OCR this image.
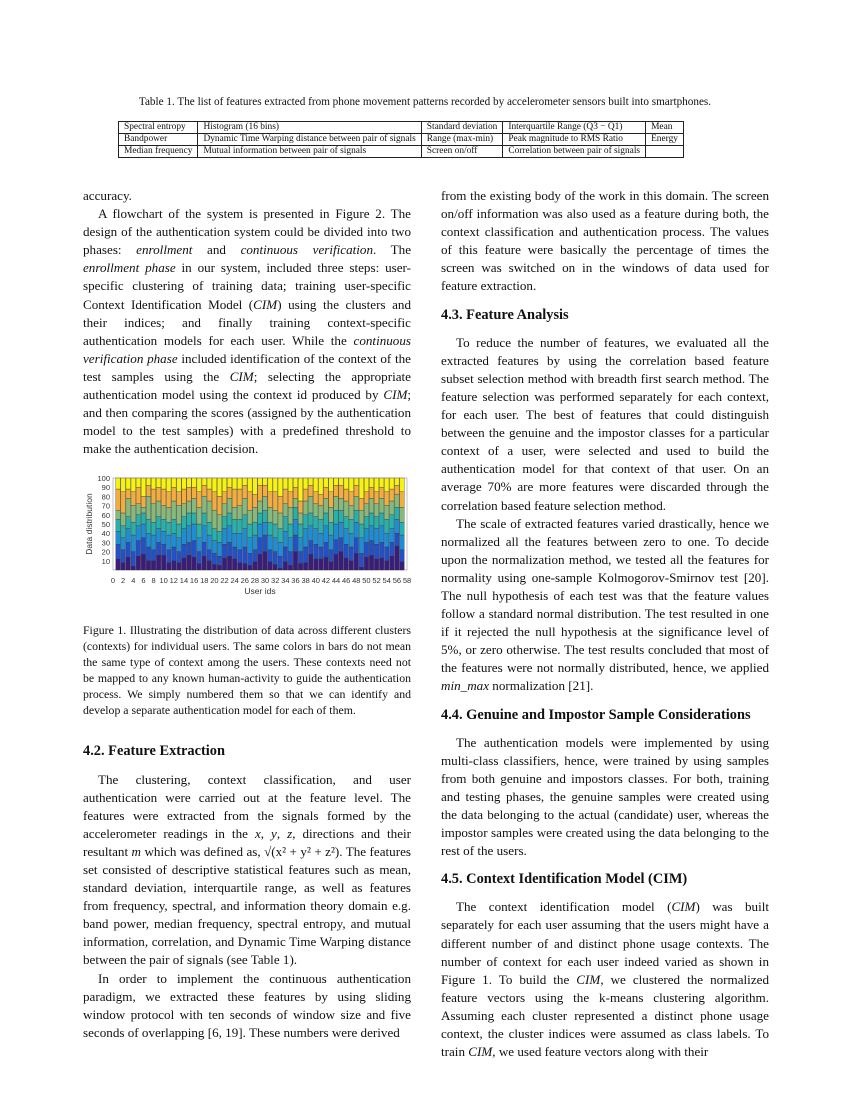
Table 1. The list of features extracted from phone movement patterns recorded by accelerometer sensors built into smartphones.
Spectral entropy	Histogram (16 bins)	Standard deviation	Interquartile Range (Q3 − Q1)	Mean
Bandpower	Dynamic Time Warping distance between pair of signals	Range (max-min)	Peak magnitude to RMS Ratio	Energy
Median frequency	Mutual information between pair of signals	Screen on/off	Correlation between pair of signals	

accuracy.

A flowchart of the system is presented in Figure 2. The design of the authentication system could be divided into two phases: enrollment and continuous verification. The enrollment phase in our system, included three steps: user-specific clustering of training data; training user-specific Context Identification Model (CIM) using the clusters and their indices; and finally training context-specific authentication models for each user. While the continuous verification phase included identification of the context of the test samples using the CIM; selecting the appropriate authentication model using the context id produced by CIM; and then comparing the scores (assigned by the authentication model to the test samples) with a predefined threshold to make the authentication decision.

10
20
30
40
50
60
70
80
90
100
0 2 4 6 8 10 12 14 16 18 20 22 24 26 28 30 32 34 36 38 40 42 44 46 48 50 52 54 56 58
User ids
Data distribution

Figure 1. Illustrating the distribution of data across different clusters (contexts) for individual users. The same colors in bars do not mean the same type of context among the users. These contexts need not be mapped to any known human-activity to guide the authentication process. We simply numbered them so that we can identify and develop a separate authentication model for each of them.

4.2. Feature Extraction

The clustering, context classification, and user authentication were carried out at the feature level. The features were extracted from the signals formed by the accelerometer readings in the x, y, z, directions and their resultant m which was defined as, √(x² + y² + z²). The features set consisted of descriptive statistical features such as mean, standard deviation, interquartile range, as well as features from frequency, spectral, and information theory domain e.g. band power, median frequency, spectral entropy, and mutual information, correlation, and Dynamic Time Warping distance between the pair of signals (see Table 1).

In order to implement the continuous authentication paradigm, we extracted these features by using sliding window protocol with ten seconds of window size and five seconds of overlapping [6, 19]. These numbers were derived

from the existing body of the work in this domain. The screen on/off information was also used as a feature during both, the context classification and authentication process. The values of this feature were basically the percentage of times the screen was switched on in the windows of data used for feature extraction.

4.3. Feature Analysis

To reduce the number of features, we evaluated all the extracted features by using the correlation based feature subset selection method with breadth first search method. The feature selection was performed separately for each context, for each user. The best of features that could distinguish between the genuine and the impostor classes for a particular context of a user, were selected and used to build the authentication model for that context of that user. On an average 70% are more features were discarded through the correlation based feature selection method.

The scale of extracted features varied drastically, hence we normalized all the features between zero to one. To decide upon the normalization method, we tested all the features for normality using one-sample Kolmogorov-Smirnov test [20]. The null hypothesis of each test was that the feature values follow a standard normal distribution. The test resulted in one if it rejected the null hypothesis at the significance level of 5%, or zero otherwise. The test results concluded that most of the features were not normally distributed, hence, we applied min_max normalization [21].

4.4. Genuine and Impostor Sample Considerations

The authentication models were implemented by using multi-class classifiers, hence, were trained by using samples from both genuine and impostors classes. For both, training and testing phases, the genuine samples were created using the data belonging to the actual (candidate) user, whereas the impostor samples were created using the data belonging to the rest of the users.

4.5. Context Identification Model (CIM)

The context identification model (CIM) was built separately for each user assuming that the users might have a different number of and distinct phone usage contexts. The number of context for each user indeed varied as shown in Figure 1. To build the CIM, we clustered the normalized feature vectors using the k-means clustering algorithm. Assuming each cluster represented a distinct phone usage context, the cluster indices were assumed as class labels. To train CIM, we used feature vectors along with their
